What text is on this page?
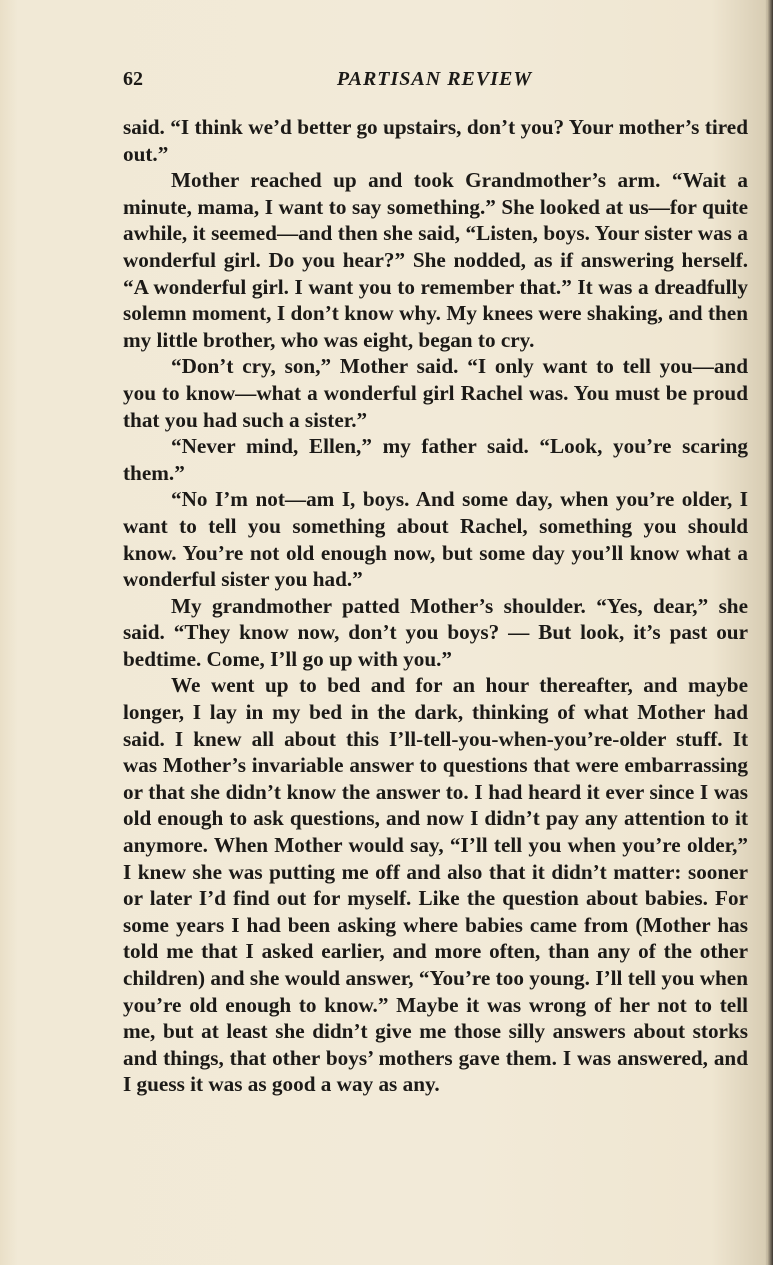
62	PARTISAN REVIEW

said. “I think we’d better go upstairs, don’t you? Your mother’s tired out.”

Mother reached up and took Grandmother’s arm. “Wait a minute, mama, I want to say something.” She looked at us—for quite awhile, it seemed—and then she said, “Listen, boys. Your sister was a wonderful girl. Do you hear?” She nodded, as if answering herself. “A wonderful girl. I want you to remember that.” It was a dreadfully solemn moment, I don’t know why. My knees were shaking, and then my little brother, who was eight, began to cry.

“Don’t cry, son,” Mother said. “I only want to tell you—and you to know—what a wonderful girl Rachel was. You must be proud that you had such a sister.”

“Never mind, Ellen,” my father said. “Look, you’re scaring them.”

“No I’m not—am I, boys. And some day, when you’re older, I want to tell you something about Rachel, something you should know. You’re not old enough now, but some day you’ll know what a wonderful sister you had.”

My grandmother patted Mother’s shoulder. “Yes, dear,” she said. “They know now, don’t you boys? — But look, it’s past our bedtime. Come, I’ll go up with you.”

We went up to bed and for an hour thereafter, and maybe longer, I lay in my bed in the dark, thinking of what Mother had said. I knew all about this I’ll-tell-you-when-you’re-older stuff. It was Mother’s invariable answer to questions that were embarrassing or that she didn’t know the answer to. I had heard it ever since I was old enough to ask questions, and now I didn’t pay any attention to it anymore. When Mother would say, “I’ll tell you when you’re older,” I knew she was putting me off and also that it didn’t matter: sooner or later I’d find out for myself. Like the question about babies. For some years I had been asking where babies came from (Mother has told me that I asked earlier, and more often, than any of the other children) and she would answer, “You’re too young. I’ll tell you when you’re old enough to know.” Maybe it was wrong of her not to tell me, but at least she didn’t give me those silly answers about storks and things, that other boys’ mothers gave them. I was answered, and I guess it was as good a way as any.
